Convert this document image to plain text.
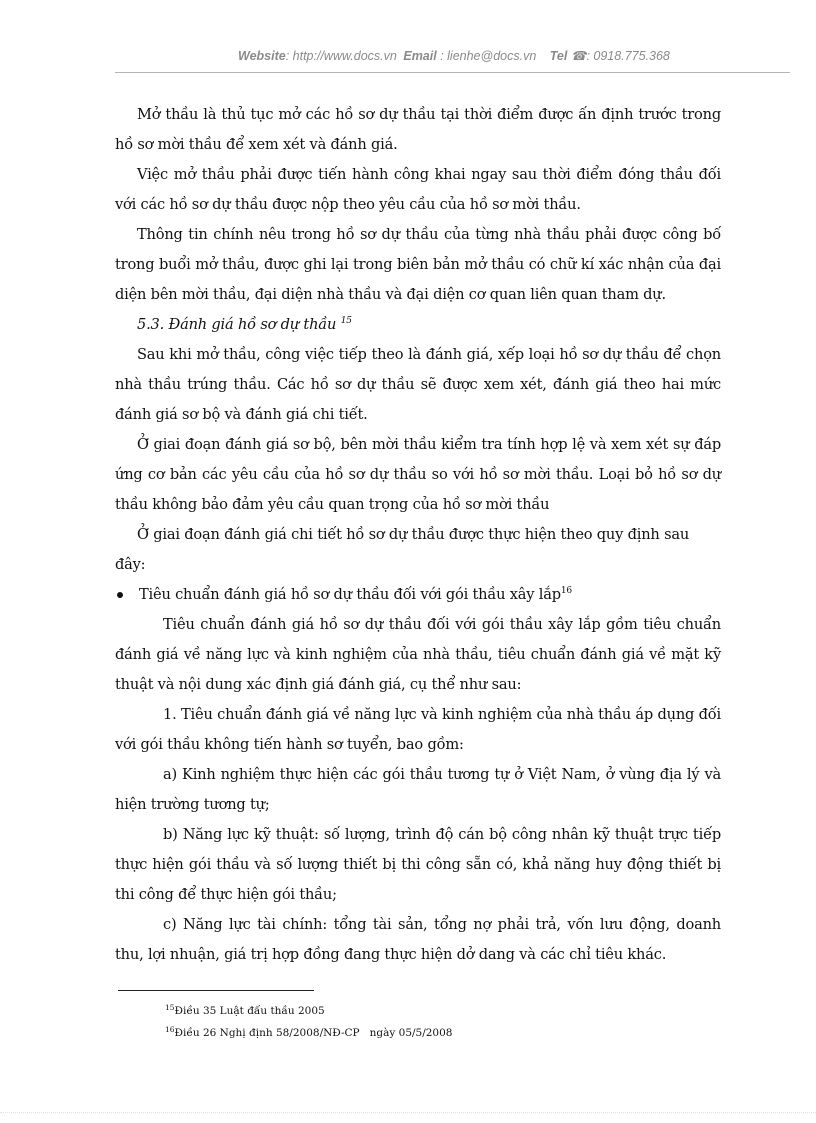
Website: http://www.docs.vn Email : lienhe@docs.vn Tel ☎: 0918.775.368

Mở thầu là thủ tục mở các hồ sơ dự thầu tại thời điểm được ấn định trước trong hồ sơ mời thầu để xem xét và đánh giá.

Việc mở thầu phải được tiến hành công khai ngay sau thời điểm đóng thầu đối với các hồ sơ dự thầu được nộp theo yêu cầu của hồ sơ mời thầu.

Thông tin chính nêu trong hồ sơ dự thầu của từng nhà thầu phải được công bố trong buổi mở thầu, được ghi lại trong biên bản mở thầu có chữ kí xác nhận của đại diện bên mời thầu, đại diện nhà thầu và đại diện cơ quan liên quan tham dự.

5.3. Đánh giá hồ sơ dự thầu $^{15}$

Sau khi mở thầu, công việc tiếp theo là đánh giá, xếp loại hồ sơ dự thầu để chọn nhà thầu trúng thầu. Các hồ sơ dự thầu sẽ được xem xét, đánh giá theo hai mức đánh giá sơ bộ và đánh giá chi tiết.

Ở giai đoạn đánh giá sơ bộ, bên mời thầu kiểm tra tính hợp lệ và xem xét sự đáp ứng cơ bản các yêu cầu của hồ sơ dự thầu so với hồ sơ mời thầu. Loại bỏ hồ sơ dự thầu không bảo đảm yêu cầu quan trọng của hồ sơ mời thầu

Ở giai đoạn đánh giá chi tiết hồ sơ dự thầu được thực hiện theo quy định sau đây:

Tiêu chuẩn đánh giá hồ sơ dự thầu đối với gói thầu xây lắp$^{16}$

Tiêu chuẩn đánh giá hồ sơ dự thầu đối với gói thầu xây lắp gồm tiêu chuẩn đánh giá về năng lực và kinh nghiệm của nhà thầu, tiêu chuẩn đánh giá về mặt kỹ thuật và nội dung xác định giá đánh giá, cụ thể như sau:

1. Tiêu chuẩn đánh giá về năng lực và kinh nghiệm của nhà thầu áp dụng đối với gói thầu không tiến hành sơ tuyển, bao gồm:

a) Kinh nghiệm thực hiện các gói thầu tương tự ở Việt Nam, ở vùng địa lý và hiện trường tương tự;

b) Năng lực kỹ thuật: số lượng, trình độ cán bộ công nhân kỹ thuật trực tiếp thực hiện gói thầu và số lượng thiết bị thi công sẵn có, khả năng huy động thiết bị thi công để thực hiện gói thầu;

c) Năng lực tài chính: tổng tài sản, tổng nợ phải trả, vốn lưu động, doanh thu, lợi nhuận, giá trị hợp đồng đang thực hiện dở dang và các chỉ tiêu khác.

$^{15}$Điều 35 Luật đấu thầu 2005
$^{16}$Điều 26 Nghị định 58/2008/NĐ-CP   ngày 05/5/2008
